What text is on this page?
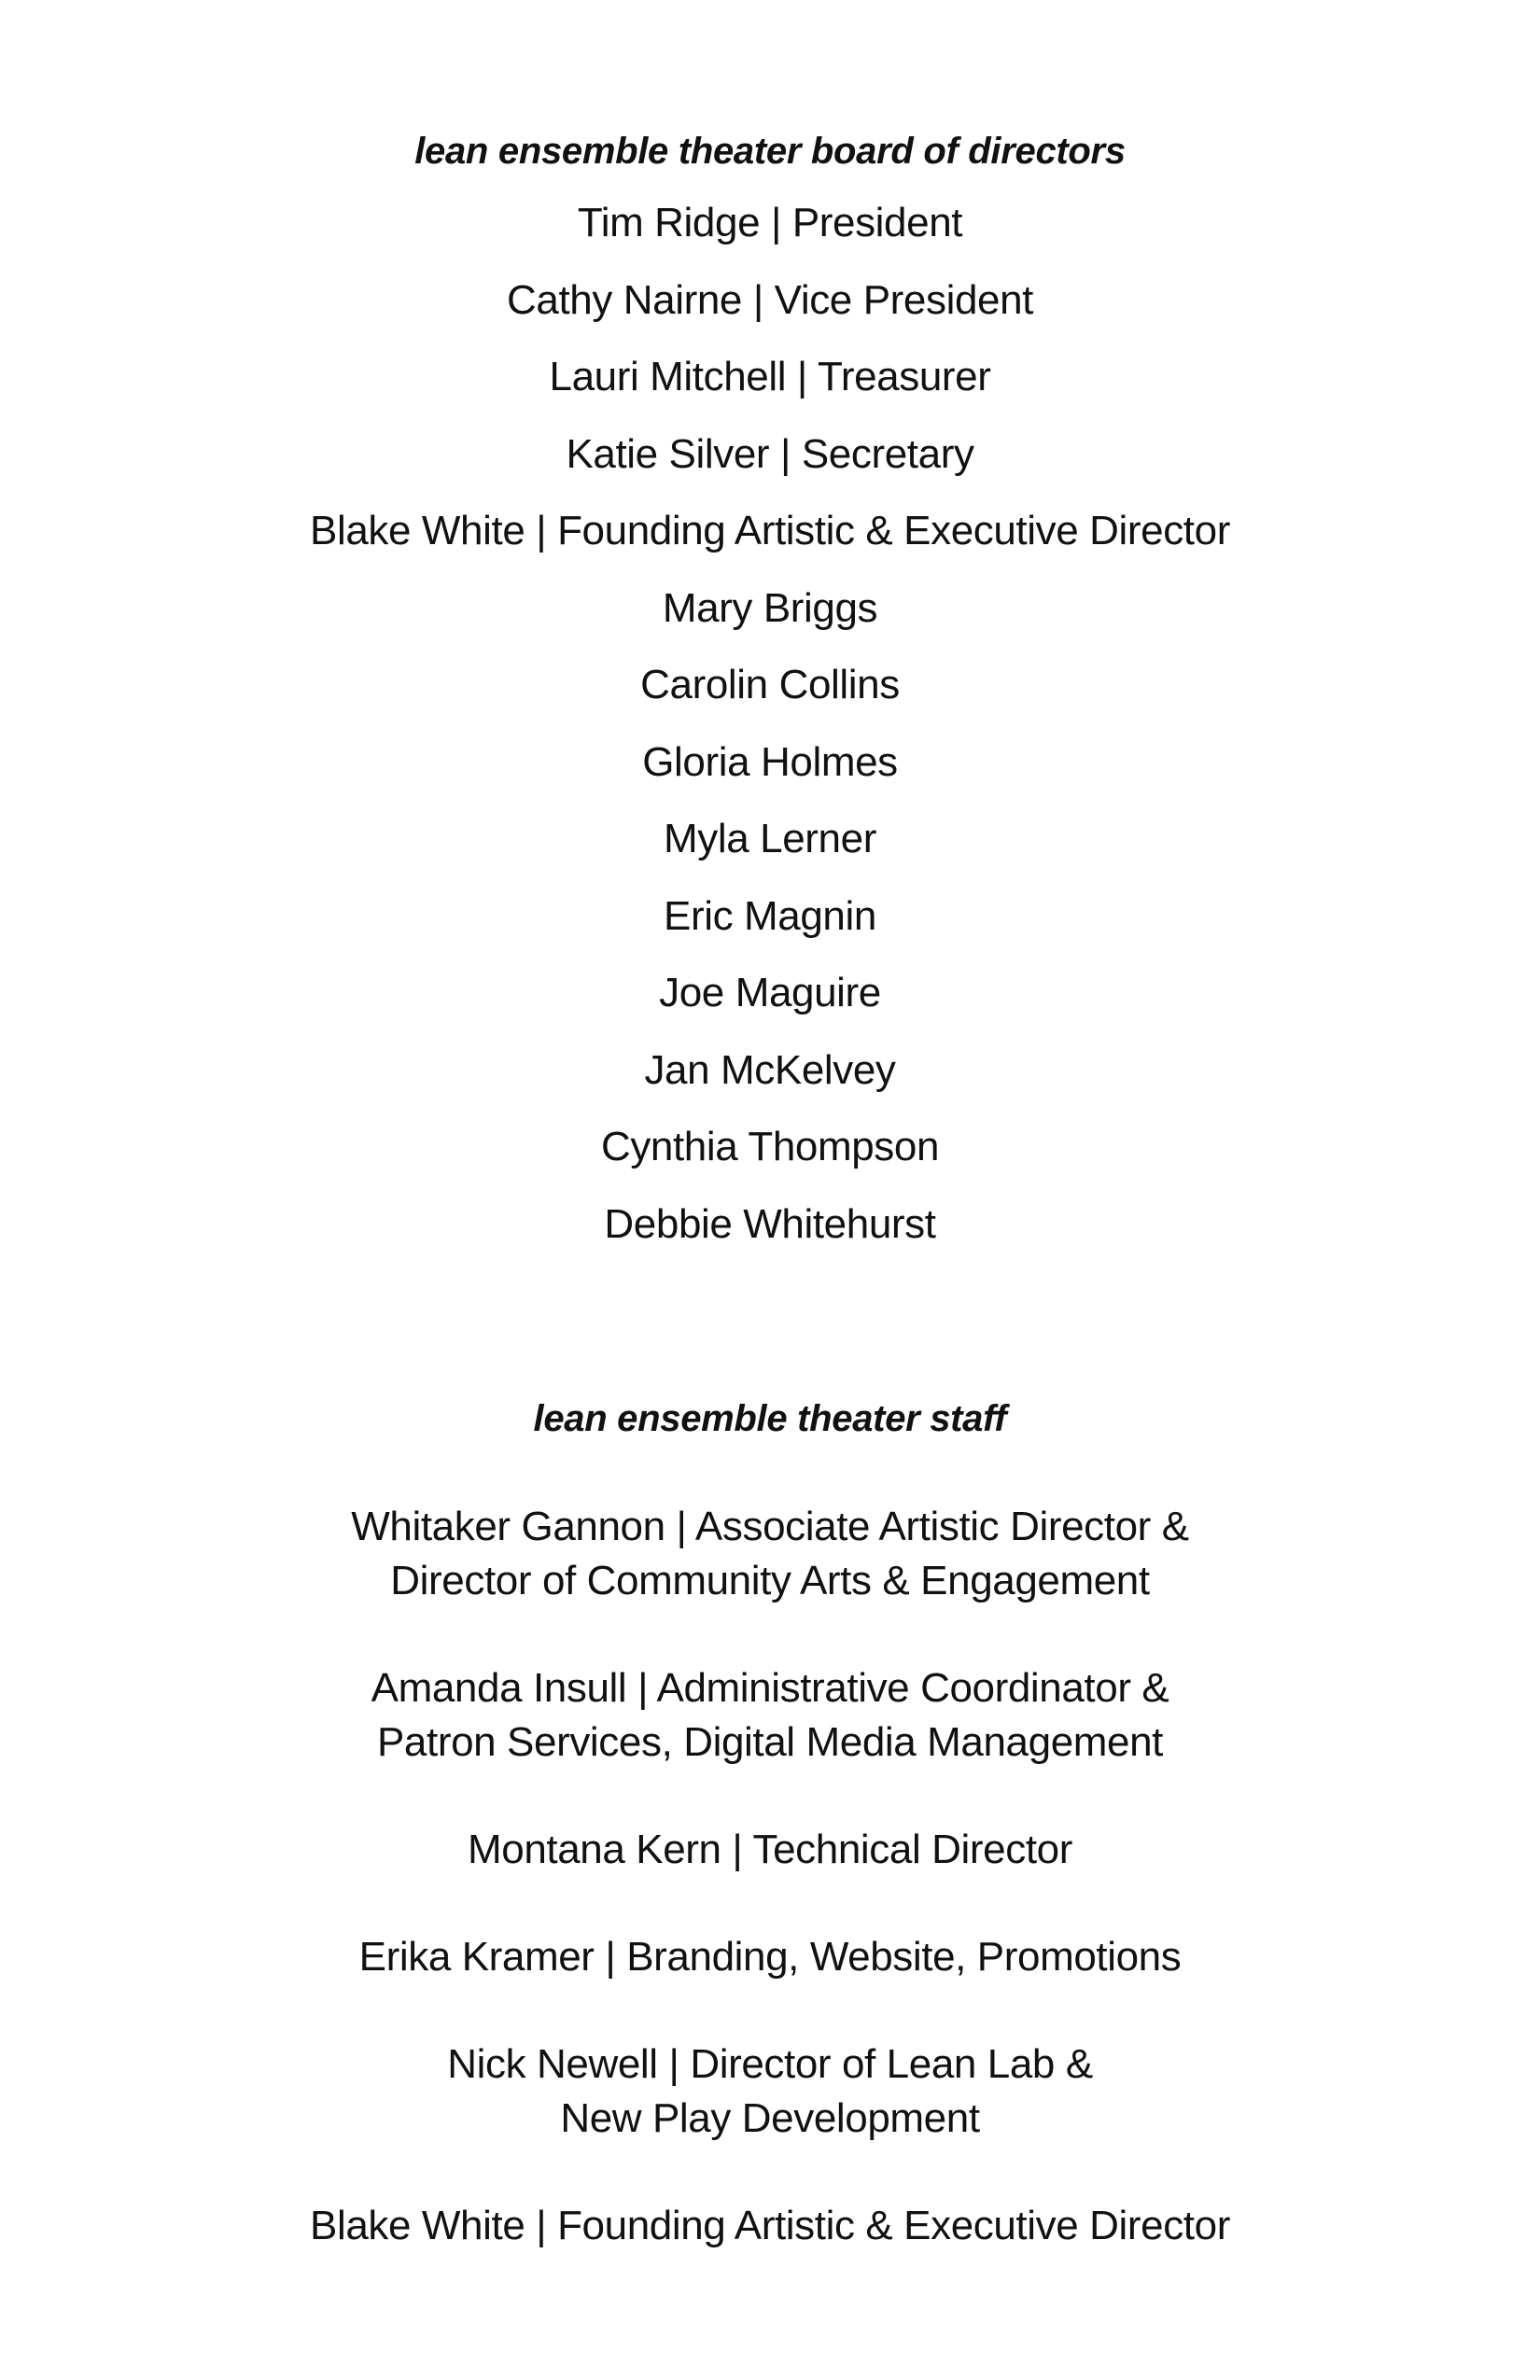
lean ensemble theater board of directors
Tim Ridge | President
Cathy Nairne | Vice President
Lauri Mitchell | Treasurer
Katie Silver | Secretary
Blake White | Founding Artistic & Executive Director
Mary Briggs
Carolin Collins
Gloria Holmes
Myla Lerner
Eric Magnin
Joe Maguire
Jan McKelvey
Cynthia Thompson
Debbie Whitehurst
lean ensemble theater staff
Whitaker Gannon | Associate Artistic Director &
Director of Community Arts & Engagement
Amanda Insull | Administrative Coordinator &
Patron Services, Digital Media Management
Montana Kern | Technical Director
Erika Kramer | Branding, Website, Promotions
Nick Newell | Director of Lean Lab &
New Play Development
Blake White | Founding Artistic & Executive Director
